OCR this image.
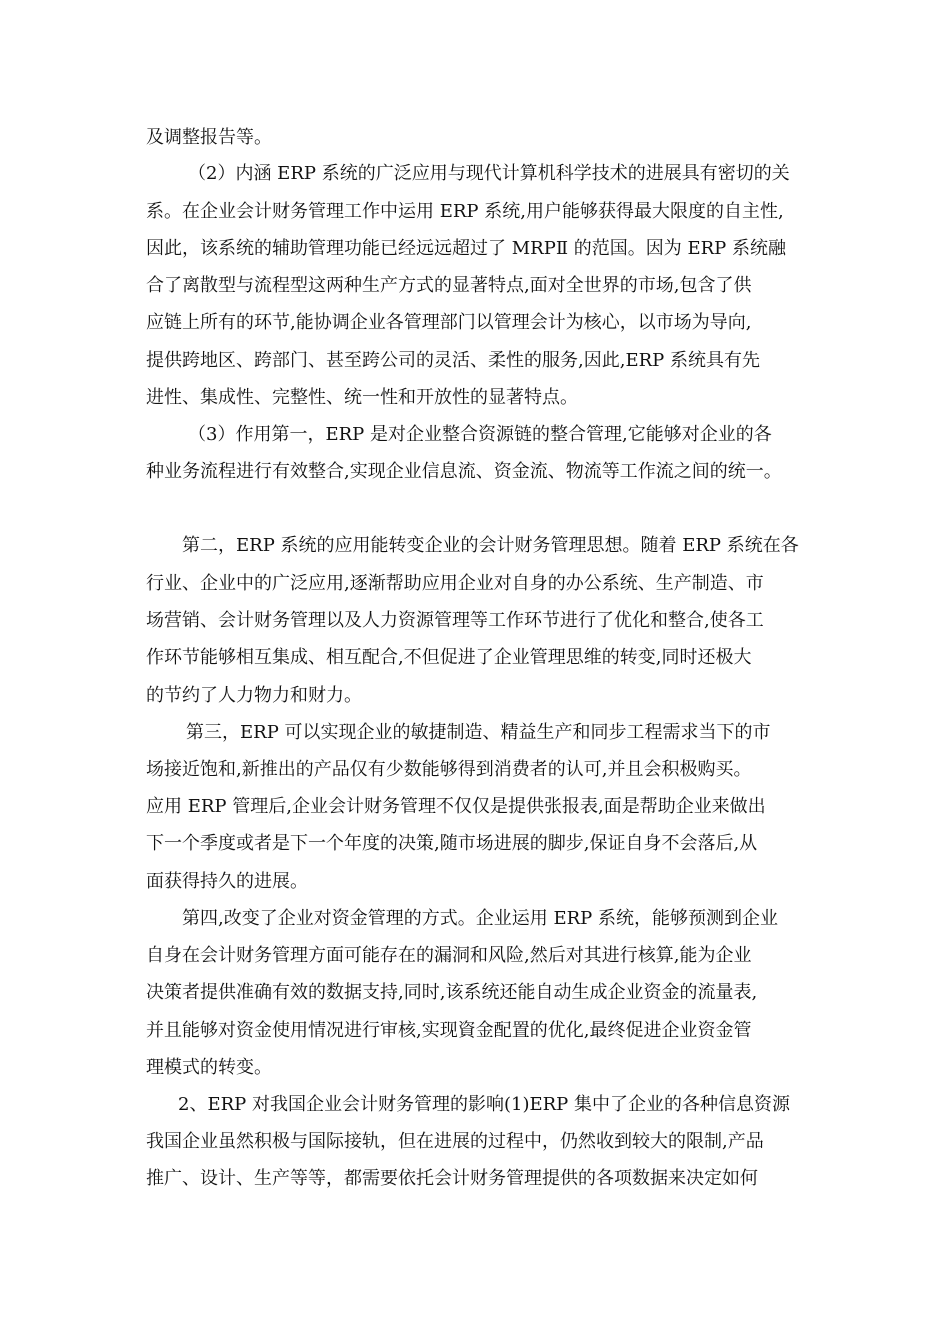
及调整报告等。

（2）内涵 ERP 系统的广泛应用与现代计算机科学技术的进展具有密切的关

系。在企业会计财务管理工作中运用 ERP 系统,用户能够获得最大限度的自主性,

因此，该系统的辅助管理功能已经远远超过了 MRPⅡ 的范国。因为 ERP 系统融

合了离散型与流程型这两种生产方式的显著特点,面对全世界的市场,包含了供

应链上所有的环节,能协调企业各管理部门以管理会计为核心，以市场为导向,

提供跨地区、跨部门、甚至跨公司的灵活、柔性的服务,因此,ERP 系统具有先

进性、集成性、完整性、统一性和开放性的显著特点。

（3）作用第一，ERP 是对企业整合资源链的整合管理,它能够对企业的各

种业务流程进行有效整合,实现企业信息流、资金流、物流等工作流之间的统一。

第二，ERP 系统的应用能转变企业的会计财务管理思想。随着 ERP 系统在各

行业、企业中的广泛应用,逐渐帮助应用企业对自身的办公系统、生产制造、市

场营销、会计财务管理以及人力资源管理等工作环节进行了优化和整合,使各工

作环节能够相互集成、相互配合,不但促进了企业管理思维的转变,同时还极大

的节约了人力物力和财力。

第三，ERP 可以实现企业的敏捷制造、精益生产和同步工程需求当下的市

场接近饱和,新推出的产品仅有少数能够得到消费者的认可,并且会积极购买。

应用 ERP 管理后,企业会计财务管理不仅仅是提供张报表,面是帮助企业来做出

下一个季度或者是下一个年度的决策,随市场进展的脚步,保证自身不会落后,从

面获得持久的进展。

第四,改变了企业对资金管理的方式。企业运用 ERP 系统，能够预测到企业

自身在会计财务管理方面可能存在的漏洞和风险,然后对其进行核算,能为企业

决策者提供准确有效的数据支持,同时,该系统还能自动生成企业资金的流量表,

并且能够对资金使用情况进行审核,实现資金配置的优化,最终促进企业资金管

理模式的转变。

2、ERP 对我国企业会计财务管理的影响(1)ERP 集中了企业的各种信息资源

我国企业虽然积极与国际接轨，但在进展的过程中，仍然收到较大的限制,产品

推广、设计、生产等等，都需要依托会计财务管理提供的各项数据来决定如何
